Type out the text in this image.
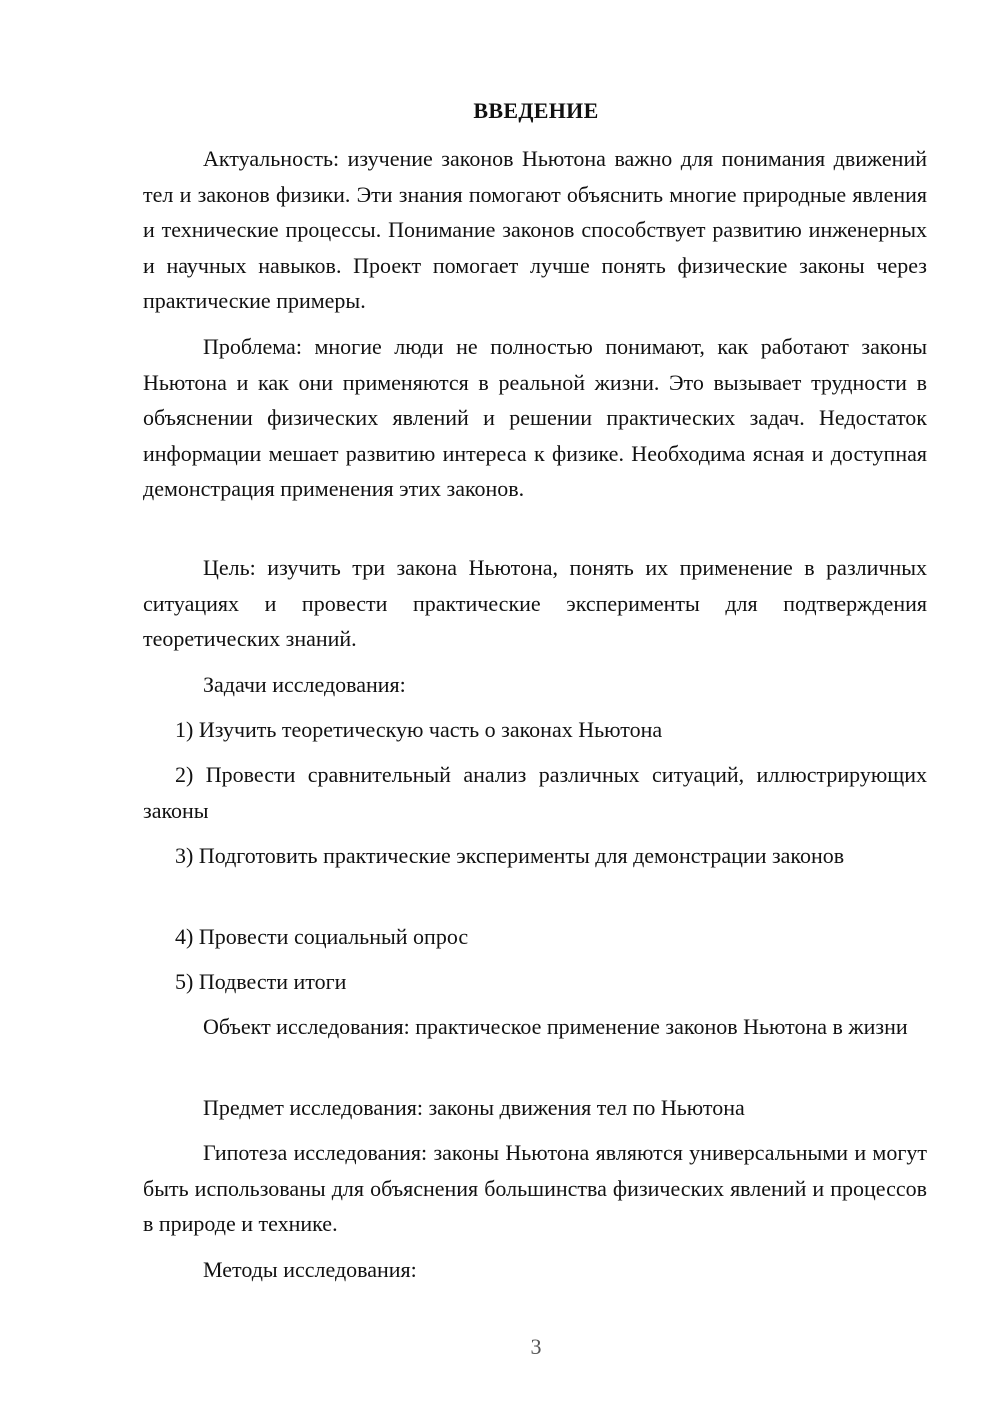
ВВЕДЕНИЕ

Актуальность: изучение законов Ньютона важно для понимания движений тел и законов физики. Эти знания помогают объяснить многие природные явления и технические процессы. Понимание законов способствует развитию инженерных и научных навыков. Проект помогает лучше понять физические законы через практические примеры.

Проблема: многие люди не полностью понимают, как работают законы Ньютона и как они применяются в реальной жизни. Это вызывает трудности в объяснении физических явлений и решении практических задач. Недостаток информации мешает развитию интереса к физике. Необходима ясная и доступная демонстрация применения этих законов.

Цель: изучить три закона Ньютона, понять их применение в различных ситуациях и провести практические эксперименты для подтверждения теоретических знаний.

Задачи исследования:

1) Изучить теоретическую часть о законах Ньютона

2) Провести сравнительный анализ различных ситуаций, иллюстрирующих законы

3) Подготовить практические эксперименты для демонстрации законов

4) Провести социальный опрос

5) Подвести итоги

Объект исследования: практическое применение законов Ньютона в жизни

Предмет исследования: законы движения тел по Ньютона

Гипотеза исследования: законы Ньютона являются универсальными и могут быть использованы для объяснения большинства физических явлений и процессов в природе и технике.

Методы исследования:

3
